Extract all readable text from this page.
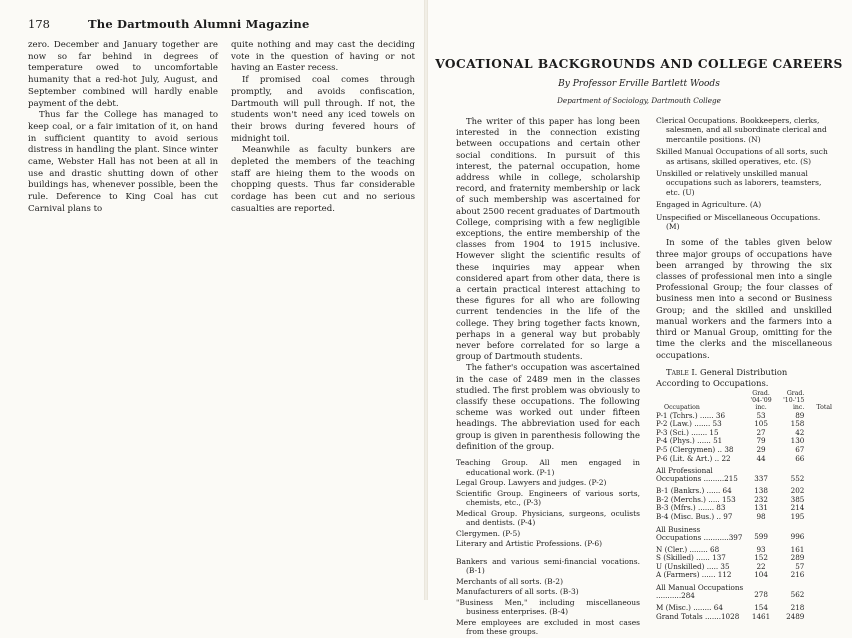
178	The Dartmouth Alumni Magazine

zero. December and January together are now so far behind in degrees of temperature owed to uncomfortable humanity that a red-hot July, August, and September combined will hardly enable payment of the debt.

Thus far the College has managed to keep coal, or a fair imitation of it, on hand in sufficient quantity to avoid serious distress in handling the plant. Since winter came, Webster Hall has not been at all in use and drastic shutting down of other buildings has, whenever possible, been the rule. Deference to King Coal has cut Carnival plans to

quite nothing and may cast the deciding vote in the question of having or not having an Easter recess.

If promised coal comes through promptly, and avoids confiscation, Dartmouth will pull through. If not, the students won't need any iced towels on their brows during fevered hours of midnight toil.

Meanwhile as faculty bunkers are depleted the members of the teaching staff are hieing them to the woods on chopping quests. Thus far considerable cordage has been cut and no serious casualties are reported.

VOCATIONAL BACKGROUNDS AND COLLEGE CAREERS
By Professor Erville Bartlett Woods
Department of Sociology, Dartmouth College

The writer of this paper has long been interested in the connection existing between occupations and certain other social conditions. In pursuit of this interest, the paternal occupation, home address while in college, scholarship record, and fraternity membership or lack of such membership was ascertained for about 2500 recent graduates of Dartmouth College, comprising with a few negligible exceptions, the entire membership of the classes from 1904 to 1915 inclusive. However slight the scientific results of these inquiries may appear when considered apart from other data, there is a certain practical interest attaching to these figures for all who are following current tendencies in the life of the college. They bring together facts known, perhaps in a general way but probably never before correlated for so large a group of Dartmouth students.

The father's occupation was ascertained in the case of 2489 men in the classes studied. The first problem was obviously to classify these occupations. The following scheme was worked out under fifteen headings. The abbreviation used for each group is given in parenthesis following the definition of the group.

Teaching Group. All men engaged in educational work. (P-1)
Legal Group. Lawyers and judges. (P-2)
Scientific Group. Engineers of various sorts, chemists, etc., (P-3)
Medical Group. Physicians, surgeons, oculists and dentists. (P-4)
Clergymen. (P-5)
Literary and Artistic Professions. (P-6)
Bankers and various semi-financial vocations. (B-1)
Merchants of all sorts. (B-2)
Manufacturers of all sorts. (B-3)
"Business Men," including miscellaneous business enterprises. (B-4)
Mere employees are excluded in most cases from these groups.
Clerical Occupations. Bookkeepers, clerks, salesmen, and all subordinate clerical and mercantile positions. (N)
Skilled Manual Occupations of all sorts, such as artisans, skilled operatives, etc. (S)
Unskilled or relatively unskilled manual occupations such as laborers, teamsters, etc. (U)
Engaged in Agriculture. (A)
Unspecified or Miscellaneous Occupations. (M)

In some of the tables given below three major groups of occupations have been arranged by throwing the six classes of professional men into a single Professional Group; the four classes of business men into a second or Business Group; and the skilled and unskilled manual workers and the farmers into a third or Manual Group, omitting for the time the clerks and the miscellaneous occupations.

Table I. General Distribution According to Occupations.
Occupation		Grad. '04-'09 inc.	Grad. '10-'15 inc.	Total
P-1 (Tchrs.) ...... 36		53	89	
P-2 (Law.) ....... 53		105	158	
P-3 (Sci.) ....... 15		27	42	
P-4 (Phys.) ...... 51		79	130	
P-5 (Clergymen) .. 38		29	67	
P-6 (Lit. & Art.) .. 22		44	66	
All Professional Occupations .........215		337	552	
B-1 (Bankrs.) ...... 64		138	202	
B-2 (Merchs.) ..... 153		232	385	
B-3 (Mfrs.) ....... 83		131	214	
B-4 (Misc. Bus.) .. 97		98	195	
All Business Occupations ...........397		599	996	
N (Cler.) ........ 68		93	161	
S (Skilled) ...... 137		152	289	
U (Unskilled) ..... 35		22	57	
A (Farmers) ...... 112		104	216	
All Manual Occupations ...........284		278	562	
M (Misc.) ........ 64		154	218	
Grand Totals .......1028		1461	2489	
